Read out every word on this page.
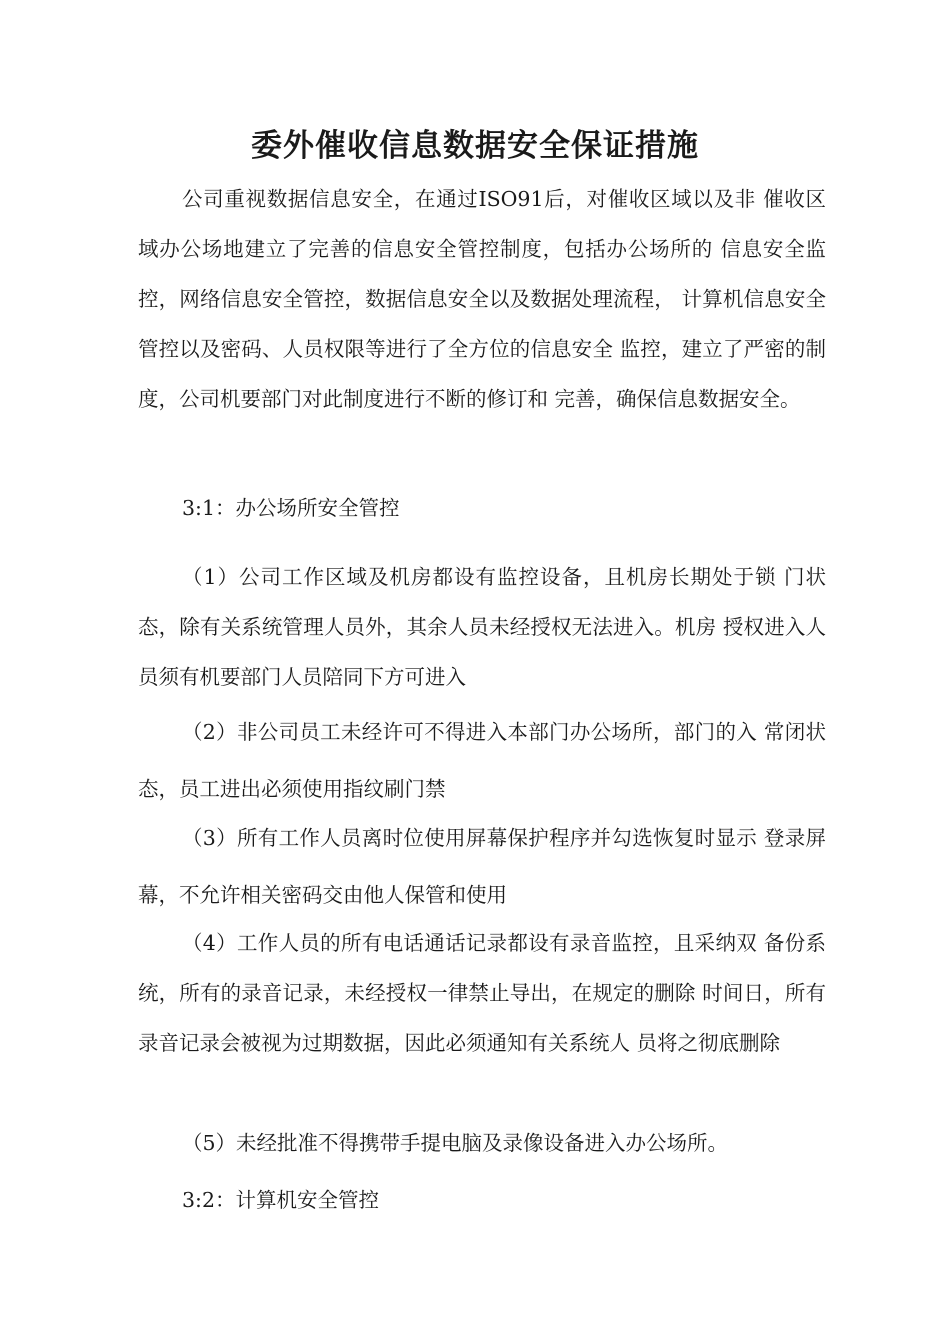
委外催收信息数据安全保证措施

公司重视数据信息安全，在通过ISO91后，对催收区域以及非 催收区域办公场地建立了完善的信息安全管控制度，包括办公场所的 信息安全监控，网络信息安全管控，数据信息安全以及数据处理流程， 计算机信息安全管控以及密码、人员权限等进行了全方位的信息安全 监控，建立了严密的制度，公司机要部门对此制度进行不断的修订和 完善，确保信息数据安全。

3:1：办公场所安全管控

（1）公司工作区域及机房都设有监控设备，且机房长期处于锁 门状态，除有关系统管理人员外，其余人员未经授权无法进入。机房 授权进入人员须有机要部门人员陪同下方可进入

（2）非公司员工未经许可不得进入本部门办公场所，部门的入 常闭状态，员工进出必须使用指纹刷门禁

（3）所有工作人员离时位使用屏幕保护程序并勾选恢复时显示 登录屏幕，不允许相关密码交由他人保管和使用

（4）工作人员的所有电话通话记录都设有录音监控，且采纳双 备份系统，所有的录音记录，未经授权一律禁止导出，在规定的删除 时间日，所有录音记录会被视为过期数据，因此必须通知有关系统人 员将之彻底删除

（5）未经批准不得携带手提电脑及录像设备进入办公场所。

3:2：计算机安全管控
